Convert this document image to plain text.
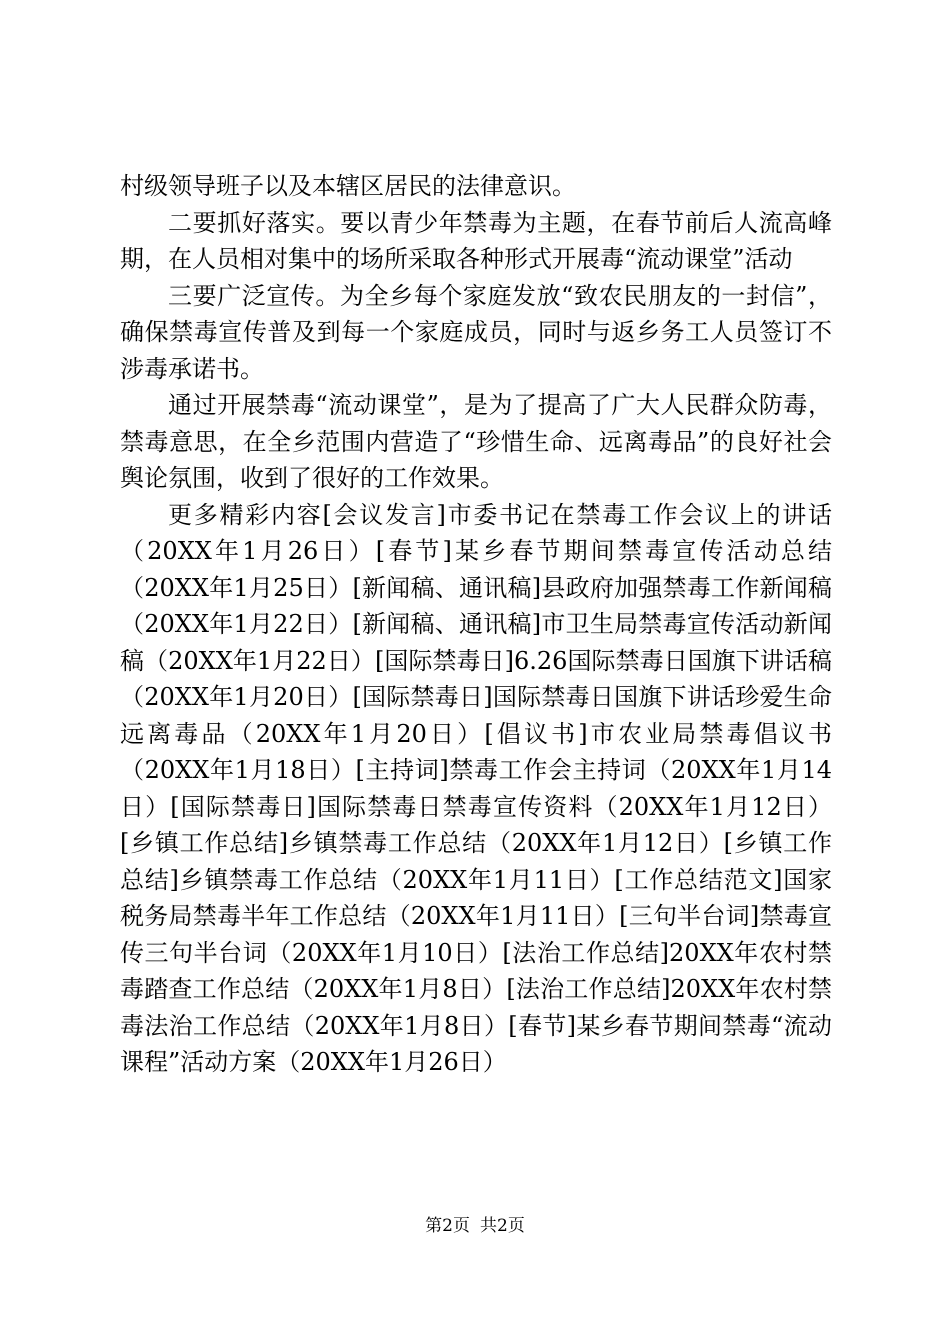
村级领导班子以及本辖区居民的法律意识。

二要抓好落实。要以青少年禁毒为主题，在春节前后人流高峰期，在人员相对集中的场所采取各种形式开展毒“流动课堂”活动

三要广泛宣传。为全乡每个家庭发放“致农民朋友的一封信”，确保禁毒宣传普及到每一个家庭成员，同时与返乡务工人员签订不涉毒承诺书。

通过开展禁毒“流动课堂”，是为了提高了广大人民群众防毒，禁毒意思，在全乡范围内营造了“珍惜生命、远离毒品”的良好社会舆论氛围，收到了很好的工作效果。

更多精彩内容[会议发言]市委书记在禁毒工作会议上的讲话（20XX年1月26日）[春节]某乡春节期间禁毒宣传活动总结（20XX年1月25日）[新闻稿、通讯稿]县政府加强禁毒工作新闻稿（20XX年1月22日）[新闻稿、通讯稿]市卫生局禁毒宣传活动新闻稿（20XX年1月22日）[国际禁毒日]6.26国际禁毒日国旗下讲话稿（20XX年1月20日）[国际禁毒日]国际禁毒日国旗下讲话珍爱生命远离毒品（20XX年1月20日）[倡议书]市农业局禁毒倡议书（20XX年1月18日）[主持词]禁毒工作会主持词（20XX年1月14日）[国际禁毒日]国际禁毒日禁毒宣传资料（20XX年1月12日）[乡镇工作总结]乡镇禁毒工作总结（20XX年1月12日）[乡镇工作总结]乡镇禁毒工作总结（20XX年1月11日）[工作总结范文]国家税务局禁毒半年工作总结（20XX年1月11日）[三句半台词]禁毒宣传三句半台词（20XX年1月10日）[法治工作总结]20XX年农村禁毒踏查工作总结（20XX年1月8日）[法治工作总结]20XX年农村禁毒法治工作总结（20XX年1月8日）[春节]某乡春节期间禁毒“流动课程”活动方案（20XX年1月26日）

第2页 共2页
